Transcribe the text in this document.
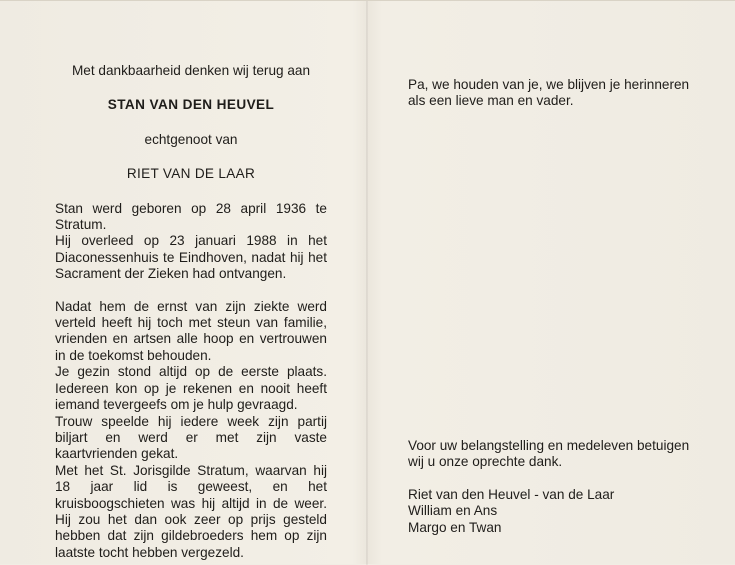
Met dankbaarheid denken wij terug aan
STAN VAN DEN HEUVEL
echtgenoot van
RIET VAN DE LAAR
Stan werd geboren op 28 april 1936 te Stratum.
Hij overleed op 23 januari 1988 in het Diaconessenhuis te Eindhoven, nadat hij het Sacrament der Zieken had ontvangen.
Nadat hem de ernst van zijn ziekte werd verteld heeft hij toch met steun van familie, vrienden en artsen alle hoop en vertrouwen in de toekomst behouden.
Je gezin stond altijd op de eerste plaats. Iedereen kon op je rekenen en nooit heeft iemand tevergeefs om je hulp gevraagd.
Trouw speelde hij iedere week zijn partij biljart en werd er met zijn vaste kaartvrienden gekat.
Met het St. Jorisgilde Stratum, waarvan hij 18 jaar lid is geweest, en het kruisboogschieten was hij altijd in de weer. Hij zou het dan ook zeer op prijs gesteld hebben dat zijn gildebroeders hem op zijn laatste tocht hebben vergezeld.
Pa, we houden van je, we blijven je herinneren als een lieve man en vader.
Voor uw belangstelling en medeleven betuigen wij u onze oprechte dank.
Riet van den Heuvel - van de Laar
William en Ans
Margo en Twan
